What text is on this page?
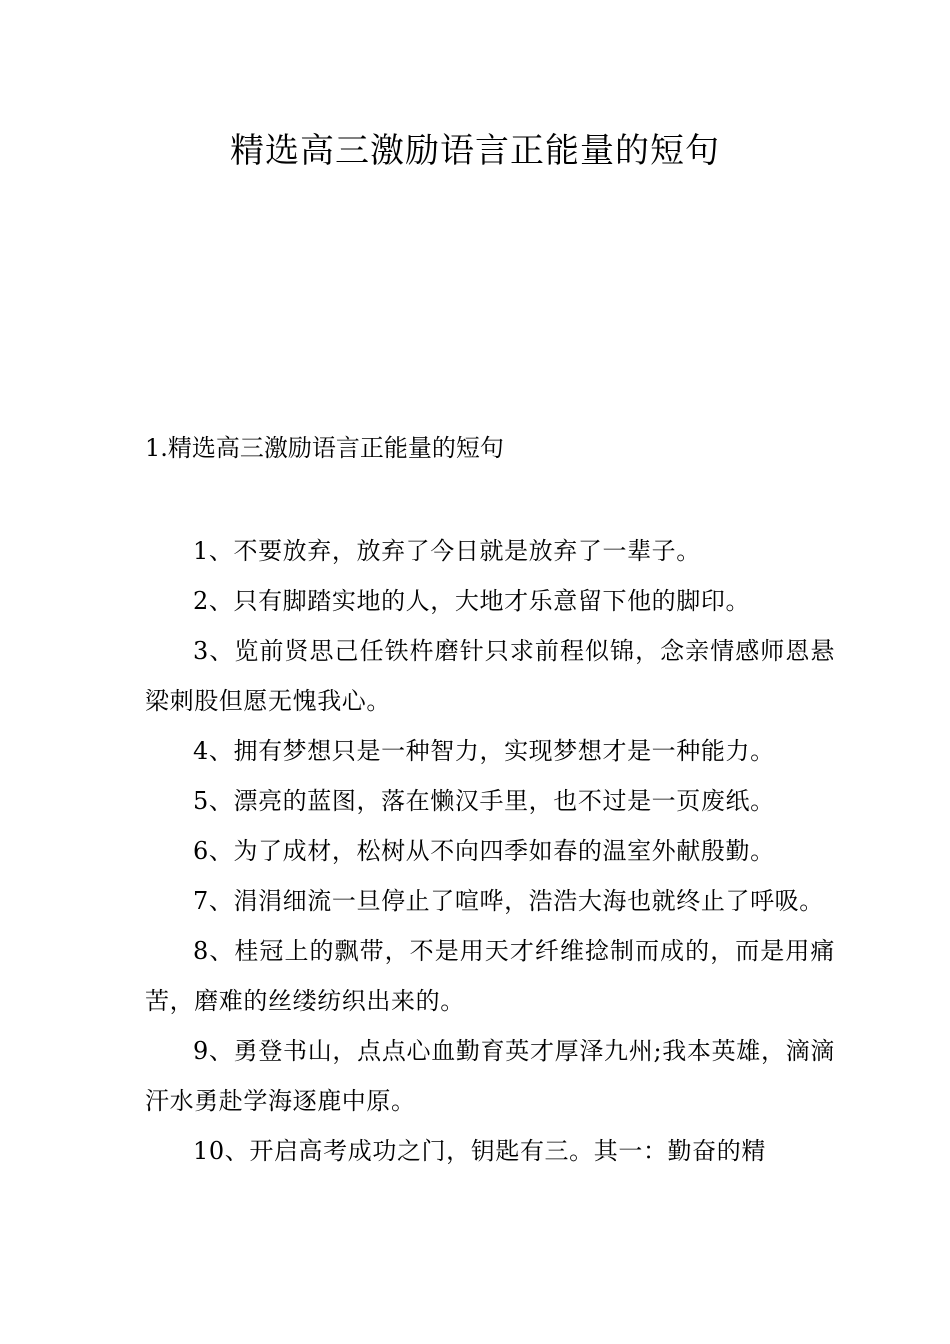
精选高三激励语言正能量的短句
1.精选高三激励语言正能量的短句

1、不要放弃，放弃了今日就是放弃了一辈子。

2、只有脚踏实地的人，大地才乐意留下他的脚印。

3、览前贤思己任铁杵磨针只求前程似锦，念亲情感师恩悬梁刺股但愿无愧我心。

4、拥有梦想只是一种智力，实现梦想才是一种能力。

5、漂亮的蓝图，落在懒汉手里，也不过是一页废纸。

6、为了成材，松树从不向四季如春的温室外献殷勤。

7、涓涓细流一旦停止了喧哗，浩浩大海也就终止了呼吸。

8、桂冠上的飘带，不是用天才纤维捻制而成的，而是用痛苦，磨难的丝缕纺织出来的。

9、勇登书山，点点心血勤育英才厚泽九州;我本英雄，滴滴汗水勇赴学海逐鹿中原。

10、开启高考成功之门，钥匙有三。其一：勤奋的精
